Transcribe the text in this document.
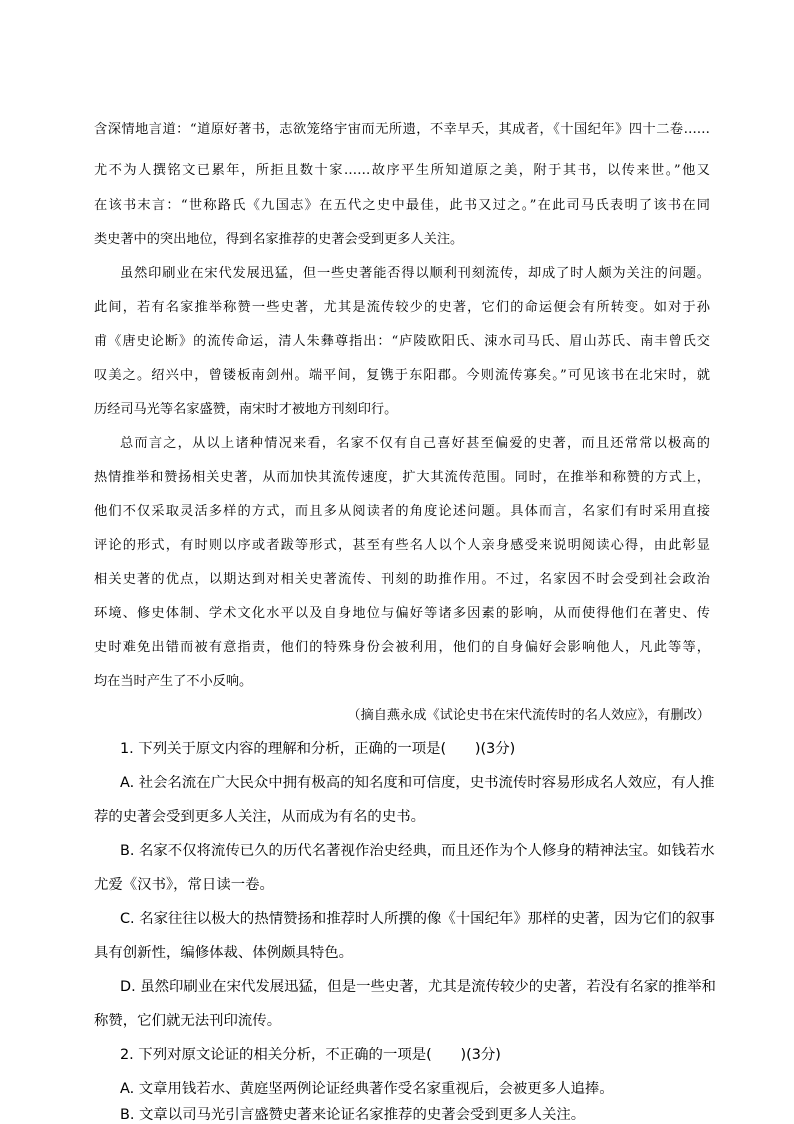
含深情地言道：“道原好著书，志欲笼络宇宙而无所遗，不幸早夭，其成者，《十国纪年》四十二卷……
尤不为人撰铭文已累年，所拒且数十家……故序平生所知道原之美，附于其书，以传来世。”他又
在该书末言：“世称路氏《九国志》在五代之史中最佳，此书又过之。”在此司马氏表明了该书在同
类史著中的突出地位，得到名家推荐的史著会受到更多人关注。
虽然印刷业在宋代发展迅猛，但一些史著能否得以顺利刊刻流传，却成了时人颇为关注的问题。
此间，若有名家推举称赞一些史著，尤其是流传较少的史著，它们的命运便会有所转变。如对于孙
甫《唐史论断》的流传命运，清人朱彝尊指出：“庐陵欧阳氏、涑水司马氏、眉山苏氏、南丰曾氏交
叹美之。绍兴中，曾镂板南剑州。端平间，复镌于东阳郡。今则流传寡矣。”可见该书在北宋时，就
历经司马光等名家盛赞，南宋时才被地方刊刻印行。
总而言之，从以上诸种情况来看，名家不仅有自己喜好甚至偏爱的史著，而且还常常以极高的
热情推举和赞扬相关史著，从而加快其流传速度，扩大其流传范围。同时，在推举和称赞的方式上，
他们不仅采取灵活多样的方式，而且多从阅读者的角度论述问题。具体而言，名家们有时采用直接
评论的形式，有时则以序或者跋等形式，甚至有些名人以个人亲身感受来说明阅读心得，由此彰显
相关史著的优点，以期达到对相关史著流传、刊刻的助推作用。不过，名家因不时会受到社会政治
环境、修史体制、学术文化水平以及自身地位与偏好等诸多因素的影响，从而使得他们在著史、传
史时难免出错而被有意指责，他们的特殊身份会被利用，他们的自身偏好会影响他人，凡此等等，
均在当时产生了不小反响。
（摘自燕永成《试论史书在宋代流传时的名人效应》，有删改）
1. 下列关于原文内容的理解和分析，正确的一项是(　　)(3分)
A. 社会名流在广大民众中拥有极高的知名度和可信度，史书流传时容易形成名人效应，有人推
荐的史著会受到更多人关注，从而成为有名的史书。
B. 名家不仅将流传已久的历代名著视作治史经典，而且还作为个人修身的精神法宝。如钱若水
尤爱《汉书》，常日读一卷。
C. 名家往往以极大的热情赞扬和推荐时人所撰的像《十国纪年》那样的史著，因为它们的叙事
具有创新性，编修体裁、体例颇具特色。
D. 虽然印刷业在宋代发展迅猛，但是一些史著，尤其是流传较少的史著，若没有名家的推举和
称赞，它们就无法刊印流传。
2. 下列对原文论证的相关分析，不正确的一项是(　　)(3分)
A. 文章用钱若水、黄庭坚两例论证经典著作受名家重视后，会被更多人追捧。
B. 文章以司马光引言盛赞史著来论证名家推荐的史著会受到更多人关注。
